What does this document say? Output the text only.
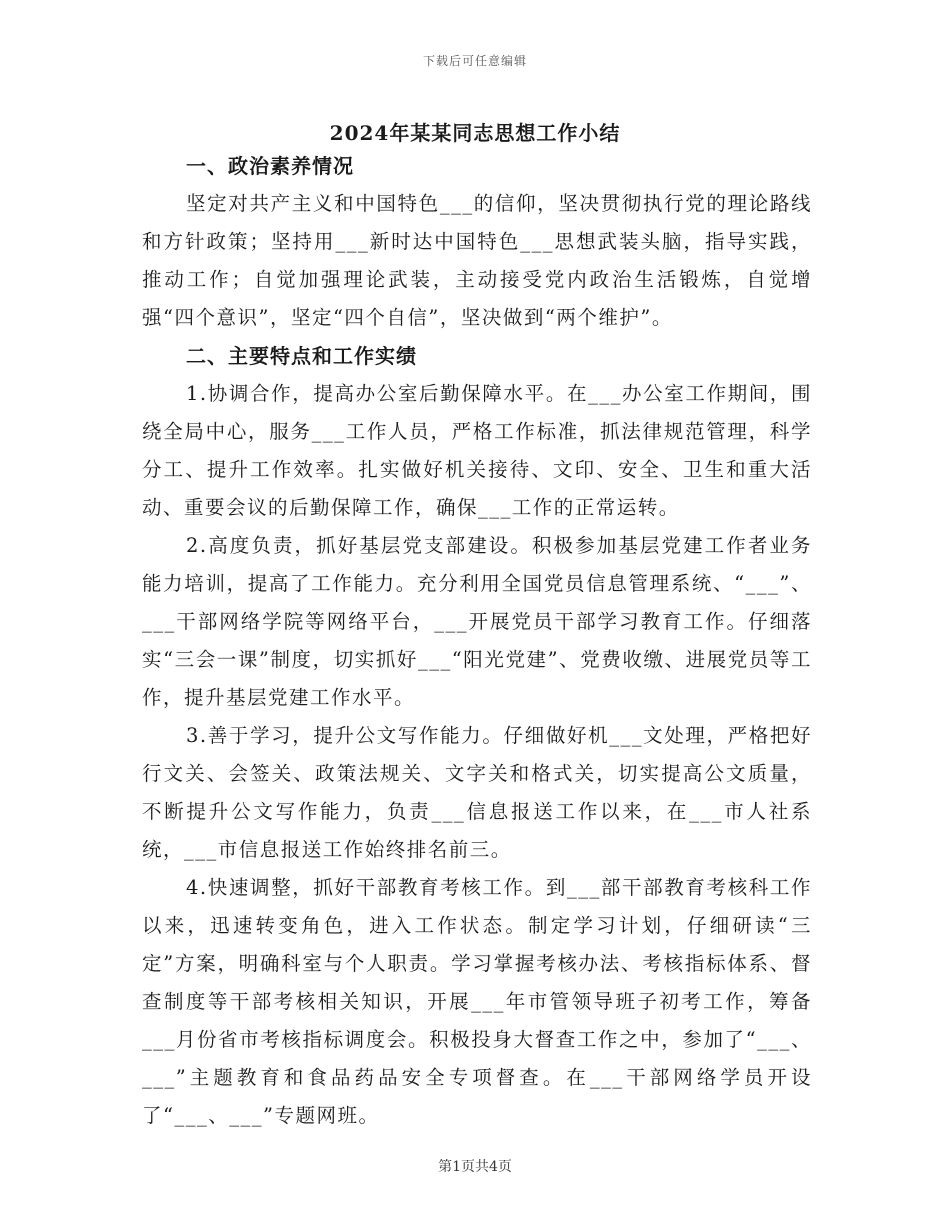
下载后可任意编辑
2024年某某同志思想工作小结

一、政治素养情况

坚定对共产主义和中国特色___的信仰，坚决贯彻执行党的理论路线和方针政策；坚持用___新时达中国特色___思想武装头脑，指导实践，推动工作；自觉加强理论武装，主动接受党内政治生活锻炼，自觉增强“四个意识”，坚定“四个自信”，坚决做到“两个维护”。

二、主要特点和工作实绩

1.协调合作，提高办公室后勤保障水平。在___办公室工作期间，围绕全局中心，服务___工作人员，严格工作标准，抓法律规范管理，科学分工、提升工作效率。扎实做好机关接待、文印、安全、卫生和重大活动、重要会议的后勤保障工作，确保___工作的正常运转。

2.高度负责，抓好基层党支部建设。积极参加基层党建工作者业务能力培训，提高了工作能力。充分利用全国党员信息管理系统、“___”、___干部网络学院等网络平台，___开展党员干部学习教育工作。仔细落实“三会一课”制度，切实抓好___“阳光党建”、党费收缴、进展党员等工作，提升基层党建工作水平。

3.善于学习，提升公文写作能力。仔细做好机___文处理，严格把好行文关、会签关、政策法规关、文字关和格式关，切实提高公文质量，不断提升公文写作能力，负责___信息报送工作以来，在___市人社系统，___市信息报送工作始终排名前三。

4.快速调整，抓好干部教育考核工作。到___部干部教育考核科工作以来，迅速转变角色，进入工作状态。制定学习计划，仔细研读“三定”方案，明确科室与个人职责。学习掌握考核办法、考核指标体系、督查制度等干部考核相关知识，开展___年市管领导班子初考工作，筹备___月份省市考核指标调度会。积极投身大督查工作之中，参加了“___、___”主题教育和食品药品安全专项督查。在___干部网络学员开设了“___、___”专题网班。

第1页共4页
